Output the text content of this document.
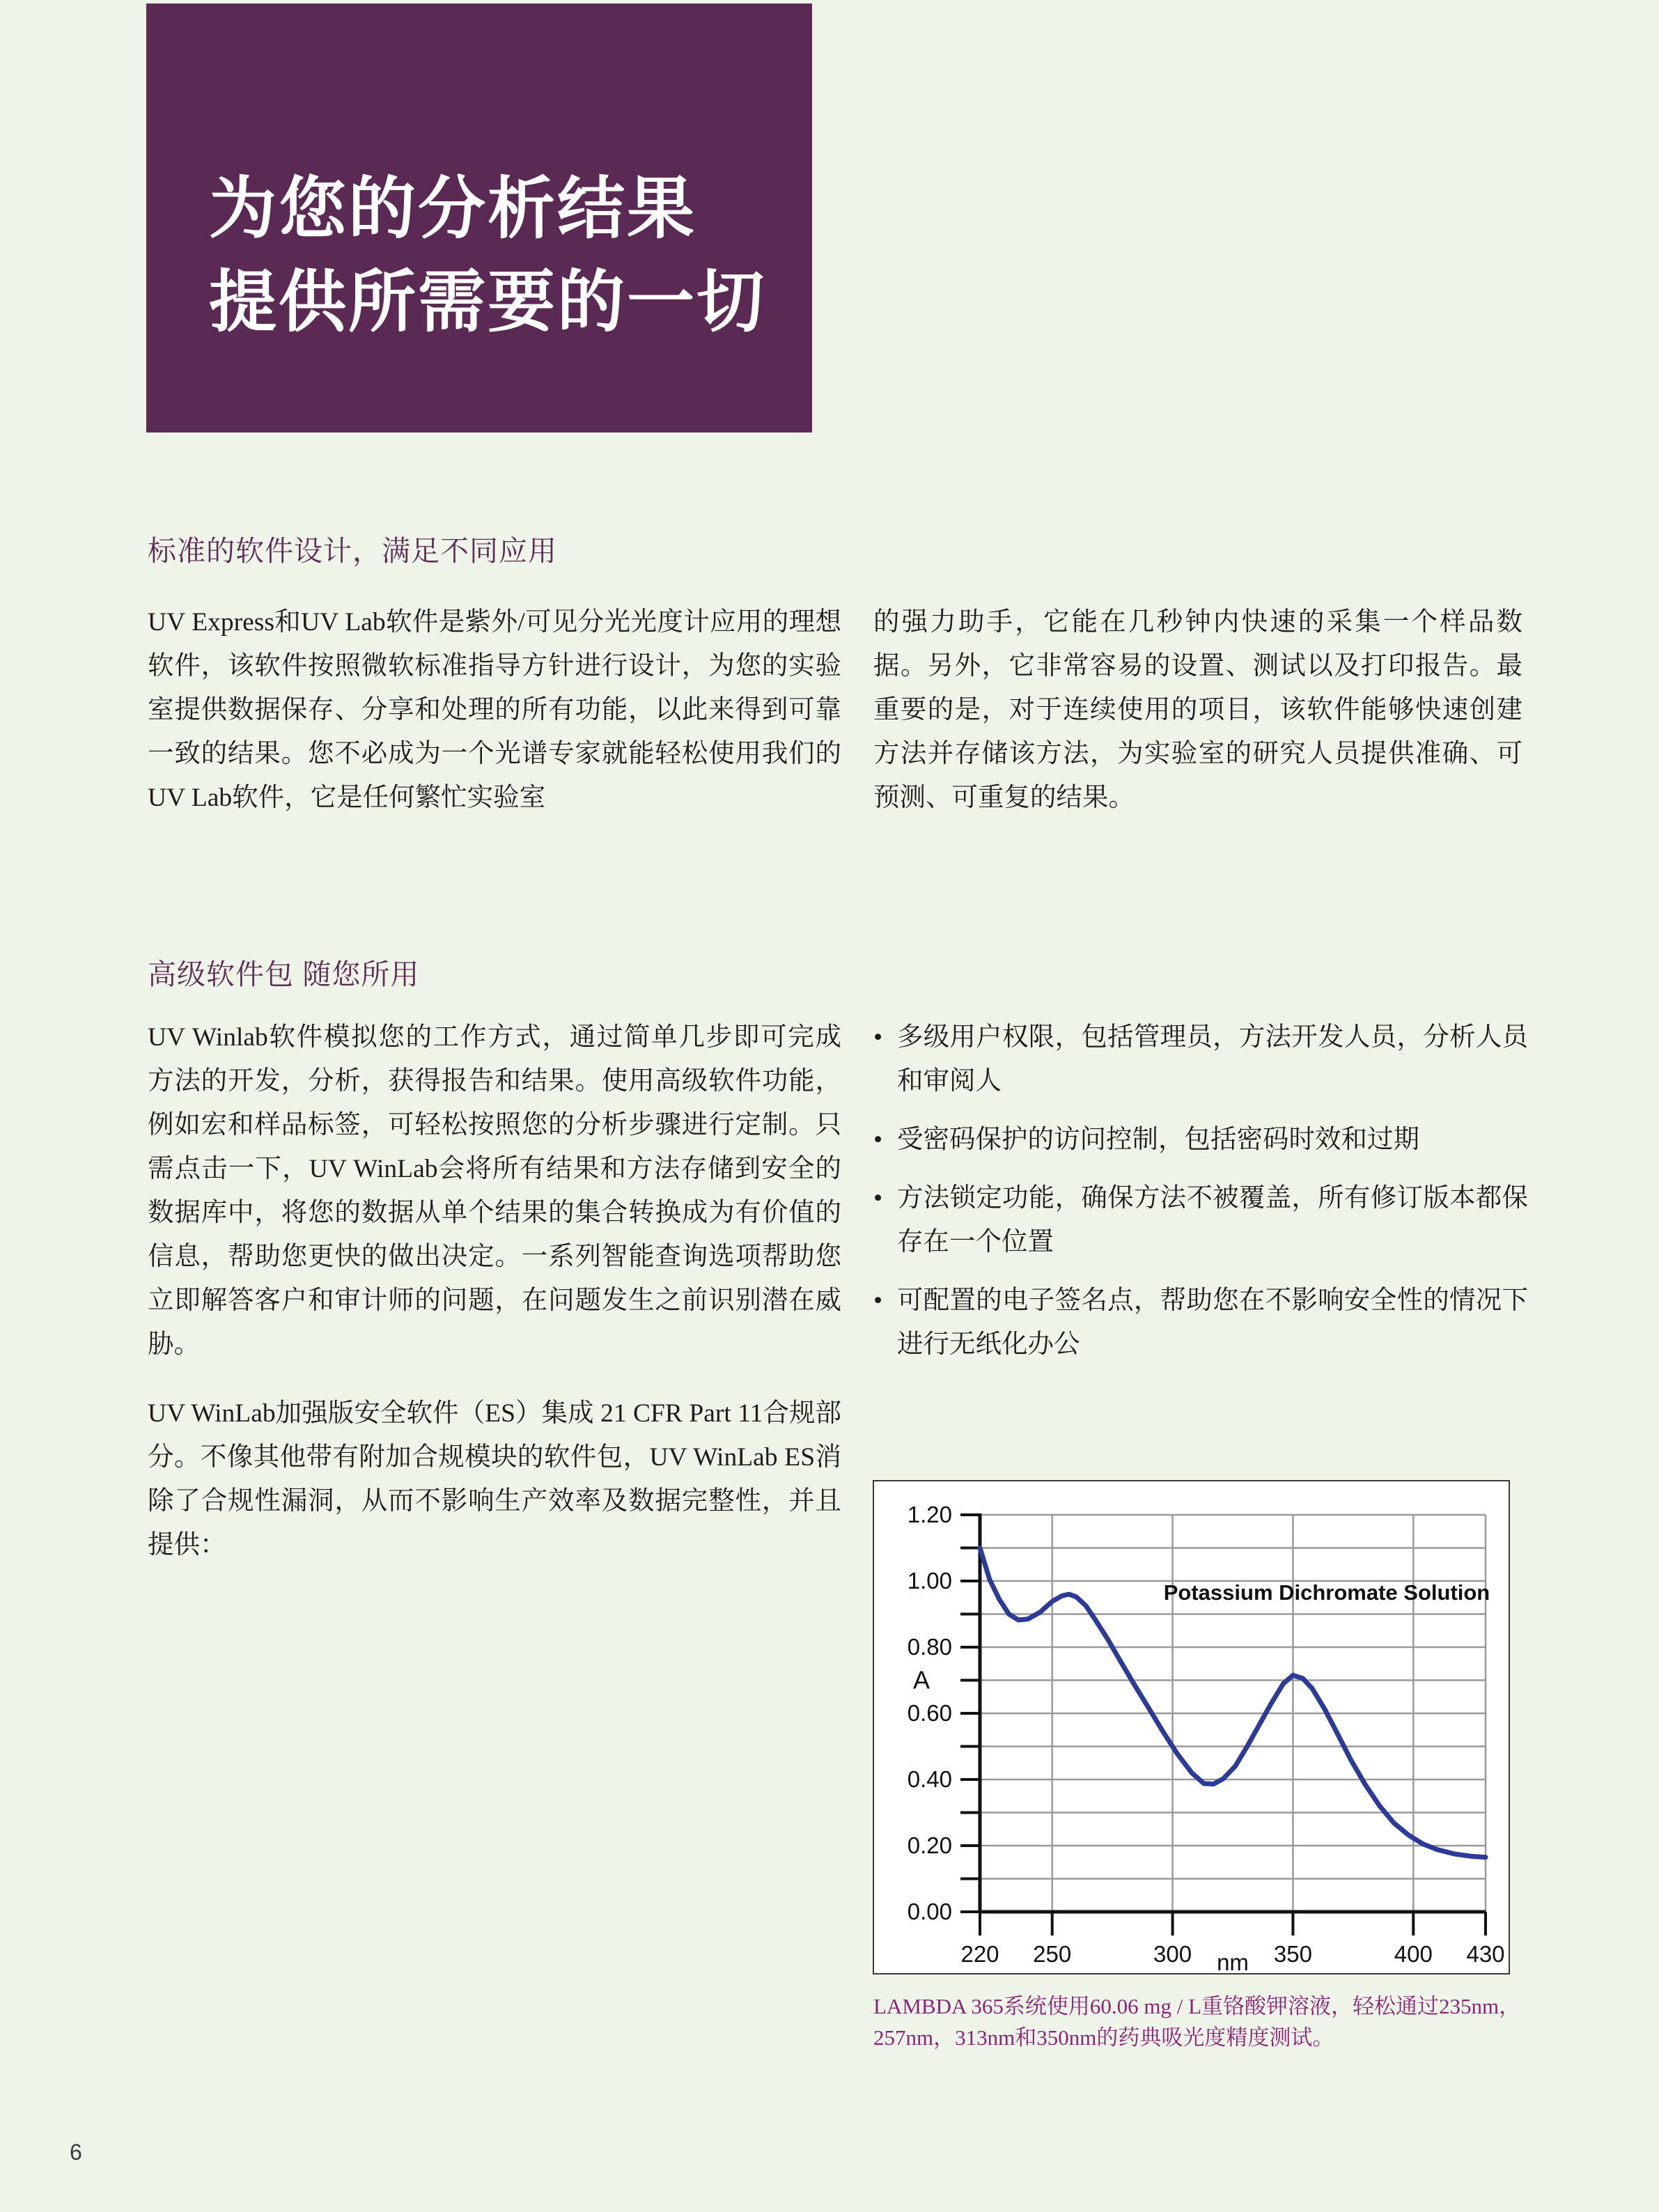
为您的分析结果
提供所需要的一切
标准的软件设计，满足不同应用
UV Express和UV Lab软件是紫外/可见分光光度计应用的理想软件，该软件按照微软标准指导方针进行设计，为您的实验室提供数据保存、分享和处理的所有功能，以此来得到可靠一致的结果。您不必成为一个光谱专家就能轻松使用我们的UV Lab软件，它是任何繁忙实验室
的强力助手，它能在几秒钟内快速的采集一个样品数据。另外，它非常容易的设置、测试以及打印报告。最重要的是，对于连续使用的项目，该软件能够快速创建方法并存储该方法，为实验室的研究人员提供准确、可预测、可重复的结果。
高级软件包 随您所用
UV Winlab软件模拟您的工作方式，通过简单几步即可完成方法的开发，分析，获得报告和结果。使用高级软件功能，例如宏和样品标签，可轻松按照您的分析步骤进行定制。只需点击一下，UV WinLab会将所有结果和方法存储到安全的数据库中，将您的数据从单个结果的集合转换成为有价值的信息，帮助您更快的做出决定。一系列智能查询选项帮助您立即解答客户和审计师的问题，在问题发生之前识别潜在威胁。
UV WinLab加强版安全软件（ES）集成 21 CFR Part 11合规部分。不像其他带有附加合规模块的软件包，UV WinLab ES消除了合规性漏洞，从而不影响生产效率及数据完整性，并且提供：
• 多级用户权限，包括管理员，方法开发人员，分析人员和审阅人
• 受密码保护的访问控制，包括密码时效和过期
• 方法锁定功能，确保方法不被覆盖，所有修订版本都保存在一个位置
• 可配置的电子签名点，帮助您在不影响安全性的情况下进行无纸化办公
0.00
0.20
0.40
0.60
0.80
1.00
1.20
220 250	300	350	400 430
A
nm
Potassium Dichromate Solution
LAMBDA 365系统使用60.06 mg / L重铬酸钾溶液，轻松通过235nm，257nm，313nm和350nm的药典吸光度精度测试。
6
